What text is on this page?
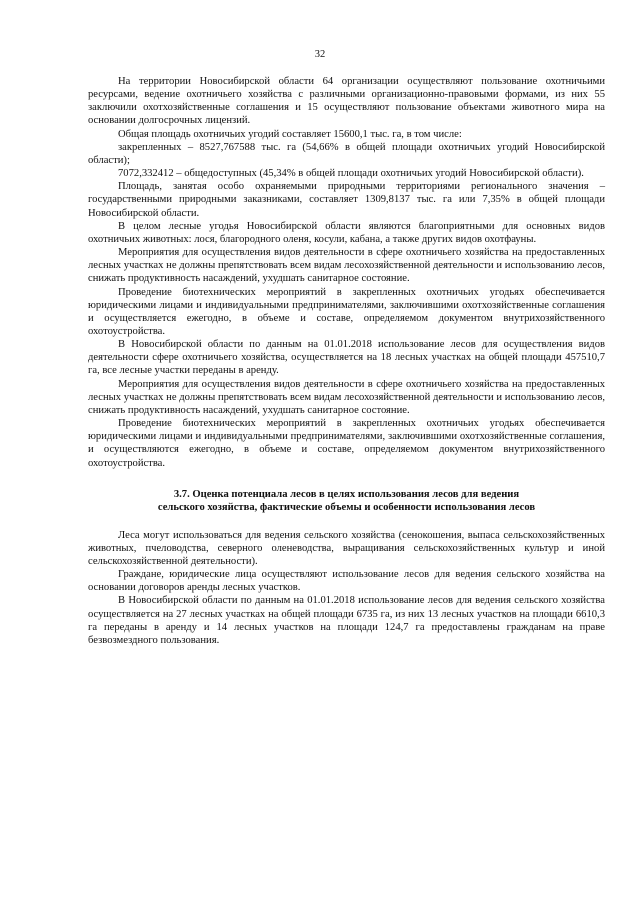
32

На территории Новосибирской области 64 организации осуществляют пользование охотничьими ресурсами, ведение охотничьего хозяйства с различными организационно-правовыми формами, из них 55 заключили охотхозяйственные соглашения и 15 осуществляют пользование объектами животного мира на основании долгосрочных лицензий.

Общая площадь охотничьих угодий составляет 15600,1 тыс. га, в том числе:

закрепленных – 8527,767588 тыс. га (54,66% в общей площади охотничьих угодий Новосибирской области);

7072,332412 – общедоступных (45,34% в общей площади охотничьих угодий Новосибирской области).

Площадь, занятая особо охраняемыми природными территориями регионального значения – государственными природными заказниками, составляет 1309,8137 тыс. га или 7,35% в общей площади Новосибирской области.

В целом лесные угодья Новосибирской области являются благоприятными для основных видов охотничьих животных: лося, благородного оленя, косули, кабана, а также других видов охотфауны.

Мероприятия для осуществления видов деятельности в сфере охотничьего хозяйства на предоставленных лесных участках не должны препятствовать всем видам лесохозяйственной деятельности и использованию лесов, снижать продуктивность насаждений, ухудшать санитарное состояние.

Проведение биотехнических мероприятий в закрепленных охотничьих угодьях обеспечивается юридическими лицами и индивидуальными предпринимателями, заключившими охотхозяйственные соглашения и осуществляется ежегодно, в объеме и составе, определяемом документом внутрихозяйственного охотоустройства.

В Новосибирской области по данным на 01.01.2018 использование лесов для осуществления видов деятельности сфере охотничьего хозяйства, осуществляется на 18 лесных участках на общей площади 457510,7 га, все лесные участки переданы в аренду.

Мероприятия для осуществления видов деятельности в сфере охотничьего хозяйства на предоставленных лесных участках не должны препятствовать всем видам лесохозяйственной деятельности и использованию лесов, снижать продуктивность насаждений, ухудшать санитарное состояние.

Проведение биотехнических мероприятий в закрепленных охотничьих угодьях обеспечивается юридическими лицами и индивидуальными предпринимателями, заключившими охотхозяйственные соглашения, и осуществляются ежегодно, в объеме и составе, определяемом документом внутрихозяйственного охотоустройства.

3.7. Оценка потенциала лесов в целях использования лесов для ведения
сельского хозяйства, фактические объемы и особенности использования лесов

Леса могут использоваться для ведения сельского хозяйства (сенокошения, выпаса сельскохозяйственных животных, пчеловодства, северного оленеводства, выращивания сельскохозяйственных культур и иной сельскохозяйственной деятельности).

Граждане, юридические лица осуществляют использование лесов для ведения сельского хозяйства на основании договоров аренды лесных участков.

В Новосибирской области по данным на 01.01.2018 использование лесов для ведения сельского хозяйства осуществляется на 27 лесных участках на общей площади 6735 га, из них 13 лесных участков на площади 6610,3 га переданы в аренду и 14 лесных участков на площади 124,7 га предоставлены гражданам на праве безвозмездного пользования.
